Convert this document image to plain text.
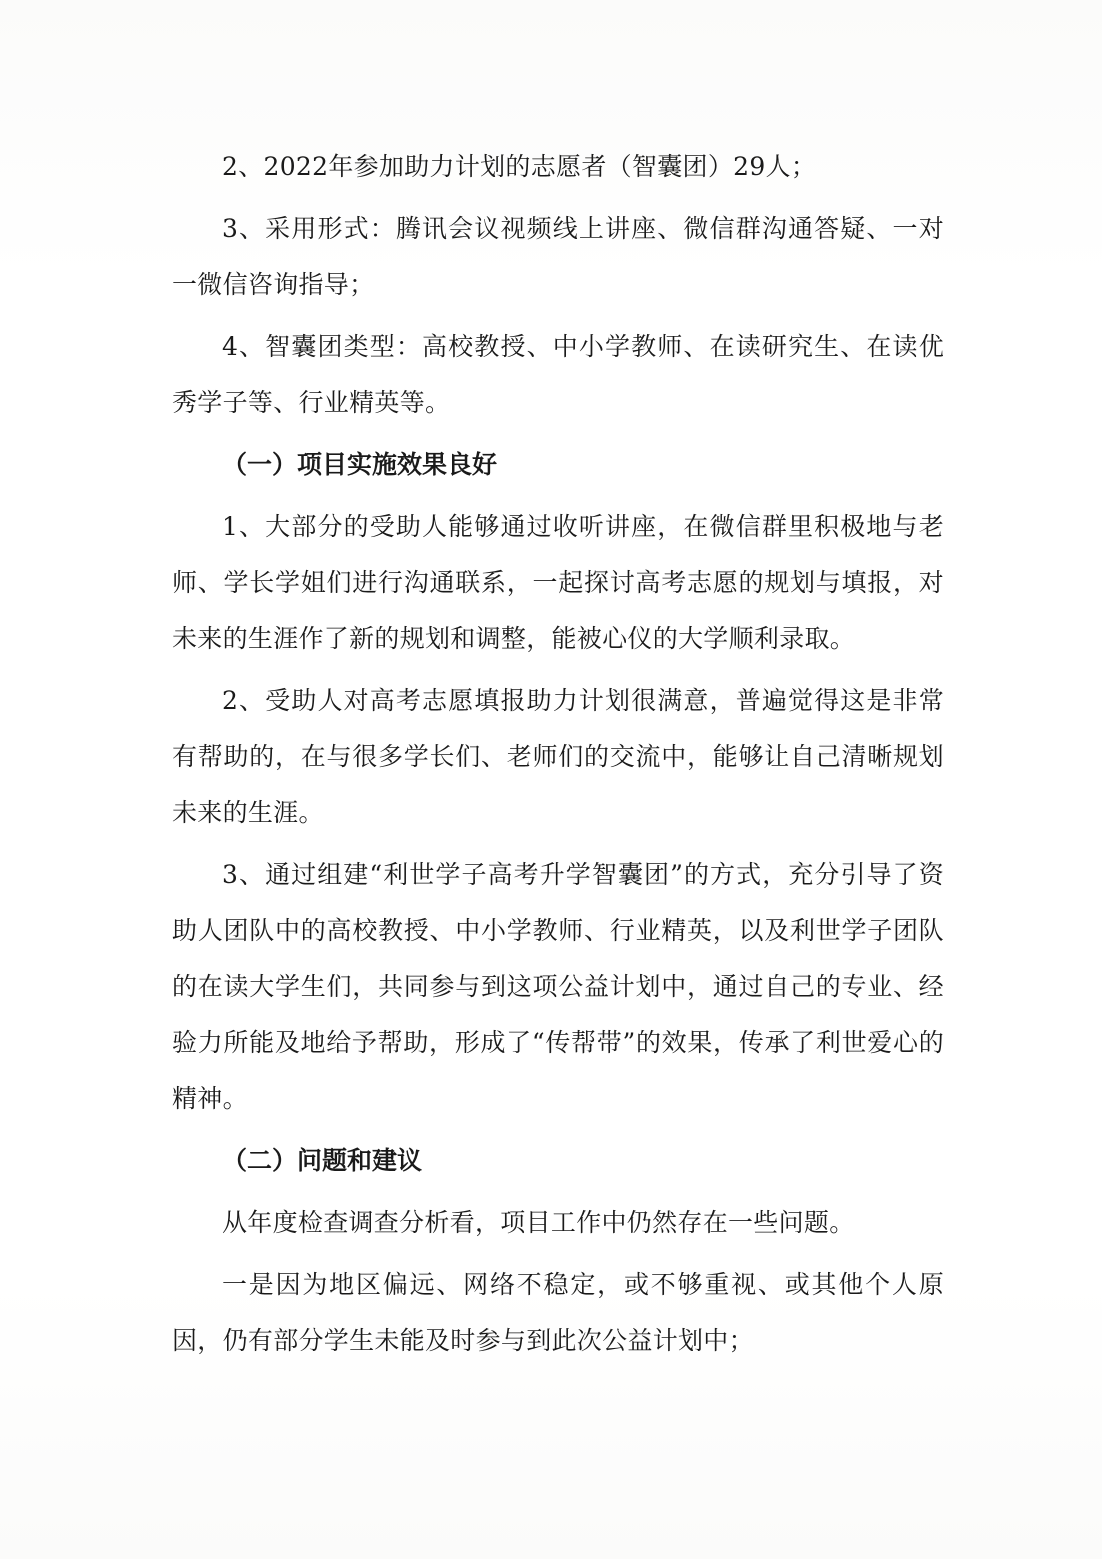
2、2022年参加助力计划的志愿者（智囊团）29人；

3、采用形式：腾讯会议视频线上讲座、微信群沟通答疑、一对一微信咨询指导；

4、智囊团类型：高校教授、中小学教师、在读研究生、在读优秀学子等、行业精英等。

（一）项目实施效果良好

1、大部分的受助人能够通过收听讲座，在微信群里积极地与老师、学长学姐们进行沟通联系，一起探讨高考志愿的规划与填报，对未来的生涯作了新的规划和调整，能被心仪的大学顺利录取。

2、受助人对高考志愿填报助力计划很满意，普遍觉得这是非常有帮助的，在与很多学长们、老师们的交流中，能够让自己清晰规划未来的生涯。

3、通过组建“利世学子高考升学智囊团”的方式，充分引导了资助人团队中的高校教授、中小学教师、行业精英，以及利世学子团队的在读大学生们，共同参与到这项公益计划中，通过自己的专业、经验力所能及地给予帮助，形成了“传帮带”的效果，传承了利世爱心的精神。

（二）问题和建议

从年度检查调查分析看，项目工作中仍然存在一些问题。

一是因为地区偏远、网络不稳定，或不够重视、或其他个人原因，仍有部分学生未能及时参与到此次公益计划中；
